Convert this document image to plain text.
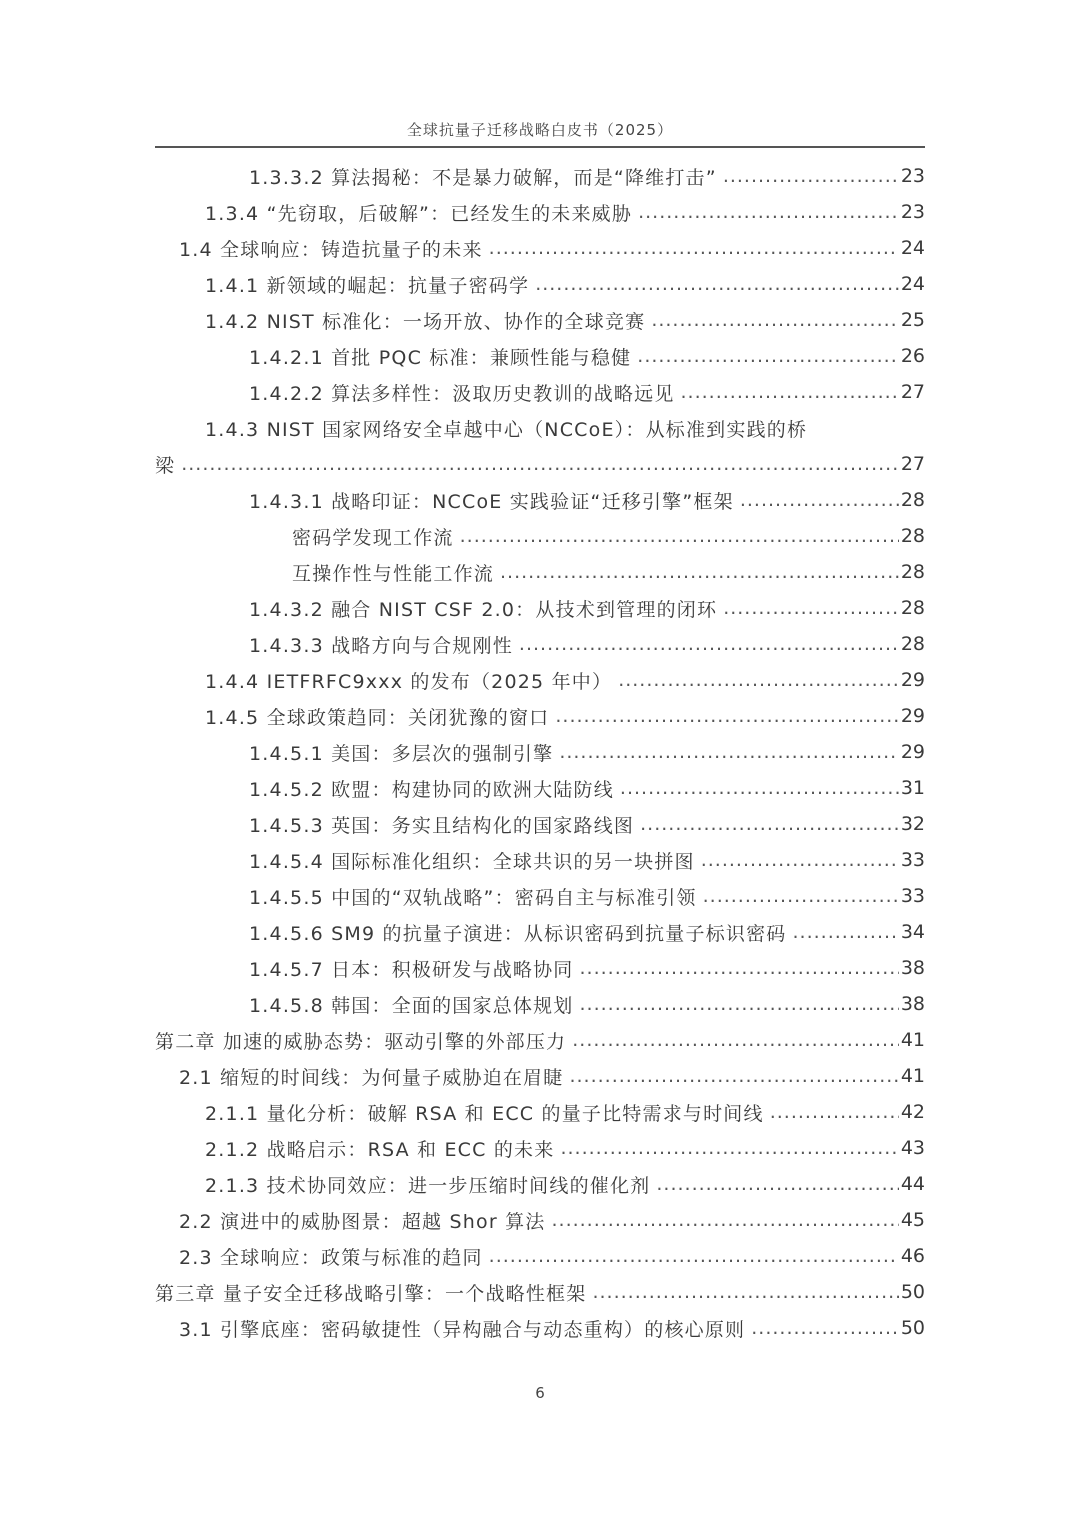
全球抗量子迁移战略白皮书（2025）
1.3.3.2 算法揭秘：不是暴力破解，而是“降维打击” .....	23
1.3.4 “先窃取，后破解”：已经发生的未来威胁 .....	23
1.4 全球响应：铸造抗量子的未来 .....	24
1.4.1 新领域的崛起：抗量子密码学 .....	24
1.4.2 NIST 标准化：一场开放、协作的全球竞赛 .....	25
1.4.2.1 首批 PQC 标准：兼顾性能与稳健 .....	26
1.4.2.2 算法多样性：汲取历史教训的战略远见 .....	27
1.4.3 NIST 国家网络安全卓越中心（NCCoE）：从标准到实践的桥
梁 .....	27
1.4.3.1 战略印证：NCCoE 实践验证“迁移引擎”框架 .....	28
密码学发现工作流 .....	28
互操作性与性能工作流 .....	28
1.4.3.2 融合 NIST CSF 2.0：从技术到管理的闭环 .....	28
1.4.3.3 战略方向与合规刚性 .....	28
1.4.4 IETFRFC9xxx 的发布（2025 年中） .....	29
1.4.5 全球政策趋同：关闭犹豫的窗口 .....	29
1.4.5.1 美国：多层次的强制引擎 .....	29
1.4.5.2 欧盟：构建协同的欧洲大陆防线 .....	31
1.4.5.3 英国：务实且结构化的国家路线图 .....	32
1.4.5.4 国际标准化组织：全球共识的另一块拼图 .....	33
1.4.5.5 中国的“双轨战略”：密码自主与标准引领 .....	33
1.4.5.6 SM9 的抗量子演进：从标识密码到抗量子标识密码 .....	34
1.4.5.7 日本：积极研发与战略协同 .....	38
1.4.5.8 韩国：全面的国家总体规划 .....	38
第二章 加速的威胁态势：驱动引擎的外部压力 .....	41
2.1 缩短的时间线：为何量子威胁迫在眉睫 .....	41
2.1.1 量化分析：破解 RSA 和 ECC 的量子比特需求与时间线 .....	42
2.1.2 战略启示：RSA 和 ECC 的未来 .....	43
2.1.3 技术协同效应：进一步压缩时间线的催化剂 .....	44
2.2 演进中的威胁图景：超越 Shor 算法 .....	45
2.3 全球响应：政策与标准的趋同 .....	46
第三章 量子安全迁移战略引擎：一个战略性框架 .....	50
3.1 引擎底座：密码敏捷性（异构融合与动态重构）的核心原则 .....	50
6
